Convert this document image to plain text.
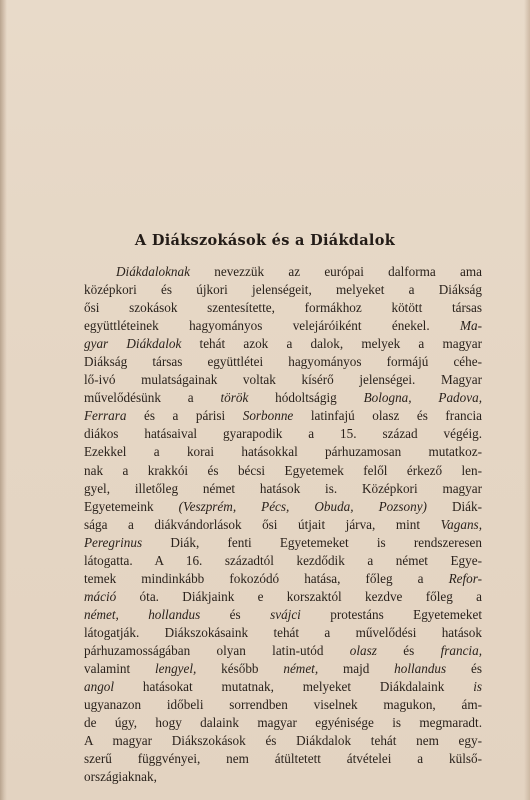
A Diákszokások és a Diákdalok
Diákdaloknak nevezzük az európai dalforma ama
középkori és újkori jelenségeit, melyeket a Diákság
ősi szokások szentesítette, formákhoz kötött társas
együttléteinek hagyományos velejáróiként énekel. Ma-
gyar Diákdalok tehát azok a dalok, melyek a magyar
Diákság társas együttlétei hagyományos formájú céhe-
lő-ivó mulatságainak voltak kísérő jelenségei. Magyar
művelődésünk a török hódoltságig Bologna, Padova,
Ferrara és a párisi Sorbonne latinfajú olasz és francia
diákos hatásaival gyarapodik a 15. század végéig.
Ezekkel a korai hatásokkal párhuzamosan mutatkoz-
nak a krakkói és bécsi Egyetemek felől érkező len-
gyel, illetőleg német hatások is. Középkori magyar
Egyetemeink (Veszprém, Pécs, Obuda, Pozsony) Diák-
sága a diákvándorlások ősi útjait járva, mint Vagans,
Peregrinus Diák, fenti Egyetemeket is rendszeresen
látogatta. A 16. századtól kezdődik a német Egye-
temek mindinkább fokozódó hatása, főleg a Refor-
máció óta. Diákjaink e korszaktól kezdve főleg a
német, hollandus és svájci protestáns Egyetemeket
látogatják. Diákszokásaink tehát a művelődési hatások
párhuzamosságában olyan latin-utód olasz és francia,
valamint lengyel, később német, majd hollandus és
angol hatásokat mutatnak, melyeket Diákdalaink is
ugyanazon időbeli sorrendben viselnek magukon, ám-
de úgy, hogy dalaink magyar egyénisége is megmaradt.
A magyar Diákszokások és Diákdalok tehát nem egy-
szerű függvényei, nem átültetett átvételei a külső-
országiaknak,
